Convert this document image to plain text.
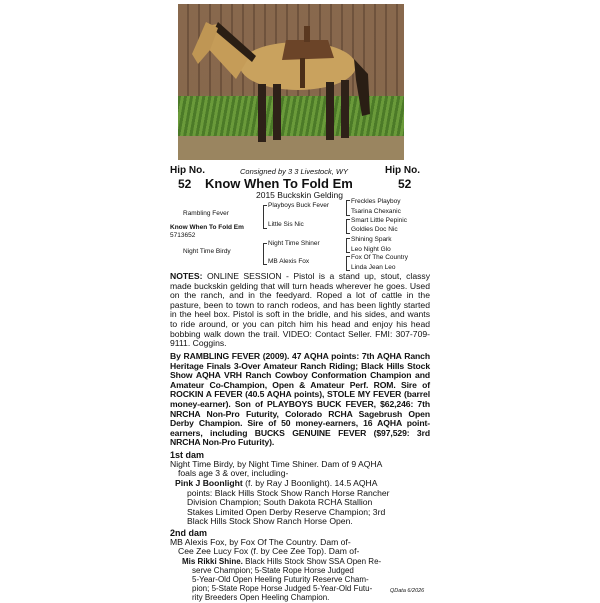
Hip No.	Hip No.
Consigned by 3 3 Livestock, WY
52	52
Know When To Fold Em
2015 Buckskin Gelding
Rambling Fever
Know When To Fold Em
5713652
Night Time Birdy
Playboys Buck Fever
Little Sis Nic
Night Time Shiner
MB Alexis Fox
Freckles Playboy
Tsarina Chexanic
Smart Little Pepinic
Goldies Doc Nic
Shining Spark
Leo Night Glo
Fox Of The Country
Linda Jean Leo
NOTES: ONLINE SESSION - Pistol is a stand up, stout, classy made buckskin gelding that will turn heads wherever he goes. Used on the ranch, and in the feedyard. Roped a lot of cattle in the pasture, been to town to ranch rodeos, and has been lightly started in the heel box. Pistol is soft in the bridle, and his sides, and wants to ride around, or you can pitch him his head and enjoy his head bobbing walk down the trail. VIDEO: Contact Seller. FMI: 307-709-9111. Coggins.
By RAMBLING FEVER (2009). 47 AQHA points: 7th AQHA Ranch Heritage Finals 3-Over Amateur Ranch Riding; Black Hills Stock Show AQHA VRH Ranch Cowboy Conformation Champion and Amateur Co-Champion, Open & Amateur Perf. ROM. Sire of ROCKIN A FEVER (40.5 AQHA points), STOLE MY FEVER (barrel money-earner). Son of PLAYBOYS BUCK FEVER, $62,246: 7th NRCHA Non-Pro Futurity, Colorado RCHA Sagebrush Open Derby Champion. Sire of 50 money-earners, 16 AQHA point-earners, including BUCKS GENUINE FEVER ($97,529: 3rd NRCHA Non-Pro Futurity).
1st dam
Night Time Birdy, by Night Time Shiner. Dam of 9 AQHA
foals age 3 & over, including-
Pink J Boonlight (f. by Ray J Boonlight). 14.5 AQHA
points: Black Hills Stock Show Ranch Horse Rancher
Division Champion; South Dakota RCHA Stallion
Stakes Limited Open Derby Reserve Champion; 3rd
Black Hills Stock Show Ranch Horse Open.
2nd dam
MB Alexis Fox, by Fox Of The Country. Dam of-
Cee Zee Lucy Fox (f. by Cee Zee Top). Dam of-
Mis Rikki Shine. Black Hills Stock Show SSA Open Re-
serve Champion; 5-State Rope Horse Judged
5-Year-Old Open Heeling Futurity Reserve Cham-
pion; 5-State Rope Horse Judged 5-Year-Old Futu-
rity Breeders Open Heeling Champion.
QData 6/2026
